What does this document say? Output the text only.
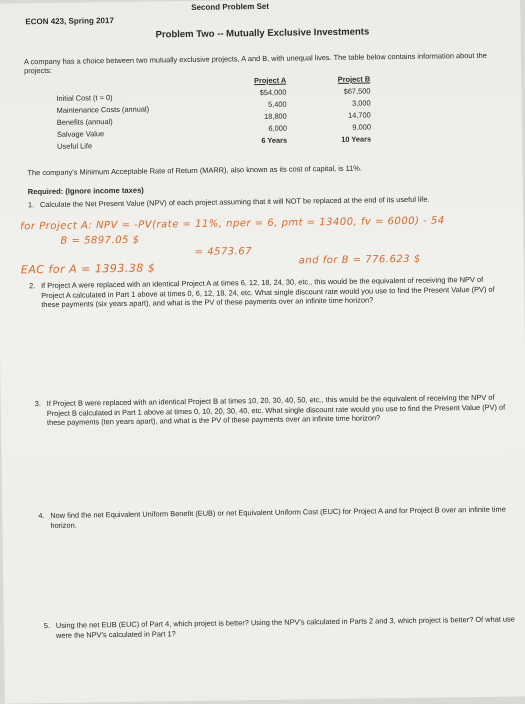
Second Problem Set
ECON 423, Spring 2017
Problem Two -- Mutually Exclusive Investments
A company has a choice between two mutually exclusive projects, A and B, with unequal lives. The table below contains information about the projects:
Initial Cost (t = 0)
Maintenance Costs (annual)
Benefits (annual)
Salvage Value
Useful Life
Project A
$54,000
5,400
18,800
6,000
6 Years
Project B
$67,500
3,000
14,700
9,000
10 Years
The company's Minimum Acceptable Rate of Return (MARR), also known as its cost of capital, is 11%.
Required: (Ignore income taxes)
1. Calculate the Net Present Value (NPV) of each project assuming that it will NOT be replaced at the end of its useful life.
for Project A: NPV = -PV(rate = 11%, nper = 6, pmt = 13400, fv = 6000) - 54
B = 5897.05 $
= 4573.67
EAC for A = 1393.38 $
and for B = 776.623 $
2. If Project A were replaced with an identical Project A at times 6, 12, 18, 24, 30, etc., this would be the equivalent of receiving the NPV of Project A calculated in Part 1 above at times 0, 6, 12, 18, 24, etc. What single discount rate would you use to find the Present Value (PV) of these payments (six years apart), and what is the PV of these payments over an infinite time horizon?
3. If Project B were replaced with an identical Project B at times 10, 20, 30, 40, 50, etc., this would be the equivalent of receiving the NPV of Project B calculated in Part 1 above at times 0, 10, 20, 30, 40, etc. What single discount rate would you use to find the Present Value (PV) of these payments (ten years apart), and what is the PV of these payments over an infinite time horizon?
4. Now find the net Equivalent Uniform Benefit (EUB) or net Equivalent Uniform Cost (EUC) for Project A and for Project B over an infinite time horizon.
5. Using the net EUB (EUC) of Part 4, which project is better? Using the NPV's calculated in Parts 2 and 3, which project is better? Of what use were the NPV's calculated in Part 1?
